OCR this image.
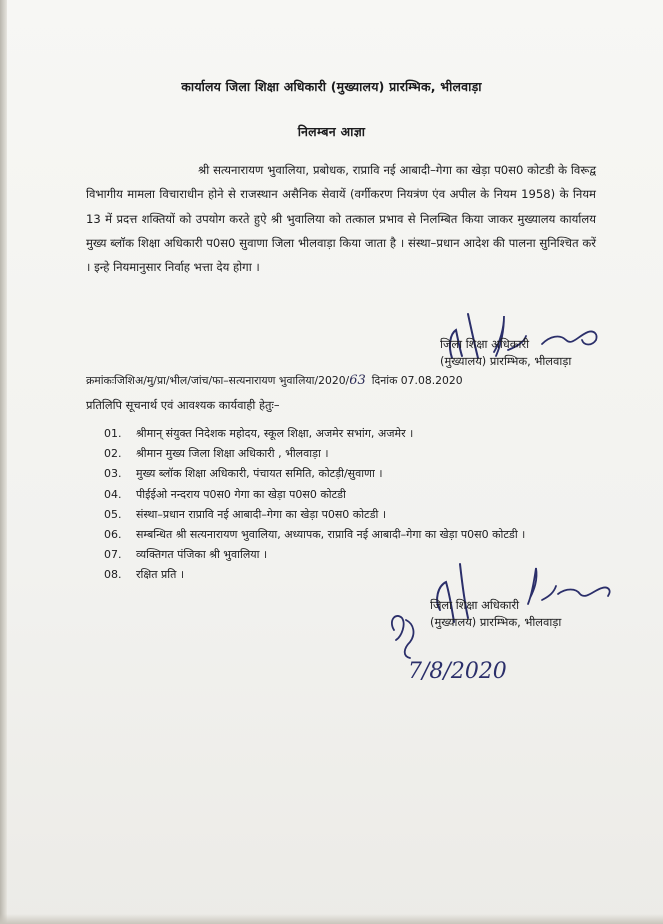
कार्यालय जिला शिक्षा अधिकारी (मुख्यालय) प्रारम्भिक, भीलवाड़ा
निलम्बन आज्ञा
श्री सत्यनारायण भुवालिया, प्रबोधक, राप्रावि नई आबादी–गेगा का खेड़ा प0स0 कोटडी के विरूद्व विभागीय मामला विचाराधीन होने से राजस्थान असैनिक सेवायें (वर्गीकरण नियत्रंण एंव अपील के नियम 1958) के नियम 13 में प्रदत्त शक्तियों को उपयोग करते हुऐ श्री भुवालिया को तत्काल प्रभाव से निलम्बित किया जाकर मुख्यालय कार्यालय मुख्य ब्लॉक शिक्षा अधिकारी प0स0 सुवाणा जिला भीलवाड़ा किया जाता है । संस्था–प्रधान आदेश की पालना सुनिश्चित करें । इन्हे नियमानुसार निर्वाह भत्ता देय होगा ।
जिला शिक्षा अधिकारी
(मुख्यालय) प्रारम्भिक, भीलवाड़ा
क्रमांकःजिशिअ/मु/प्रा/भील/जांच/फा–सत्यनारायण भुवालिया/2020/63 दिनांक 07.08.2020
प्रतिलिपि सूचनार्थ एवं आवश्यक कार्यवाही हेतुः–
01.	श्रीमान् संयुक्त निदेशक महोदय, स्कूल शिक्षा, अजमेर सभांग, अजमेर ।
02.	श्रीमान मुख्य जिला शिक्षा अधिकारी , भीलवाड़ा ।
03.	मुख्य ब्लॉक शिक्षा अधिकारी, पंचायत समिति, कोटड़ी/सुवाणा ।
04.	पीईईओ नन्दराय प0स0 गेगा का खेड़ा प0स0 कोटडी
05.	संस्था–प्रधान राप्रावि नई आबादी–गेगा का खेड़ा प0स0 कोटडी ।
06.	सम्बन्धित श्री सत्यनारायण भुवालिया, अध्यापक, राप्रावि नई आबादी–गेगा का खेड़ा प0स0 कोटडी ।
07.	व्यक्तिगत पंजिका श्री भुवालिया ।
08.	रक्षित प्रति ।
7/8/2020
जिला शिक्षा अधिकारी
(मुख्यालय) प्रारम्भिक, भीलवाड़ा
